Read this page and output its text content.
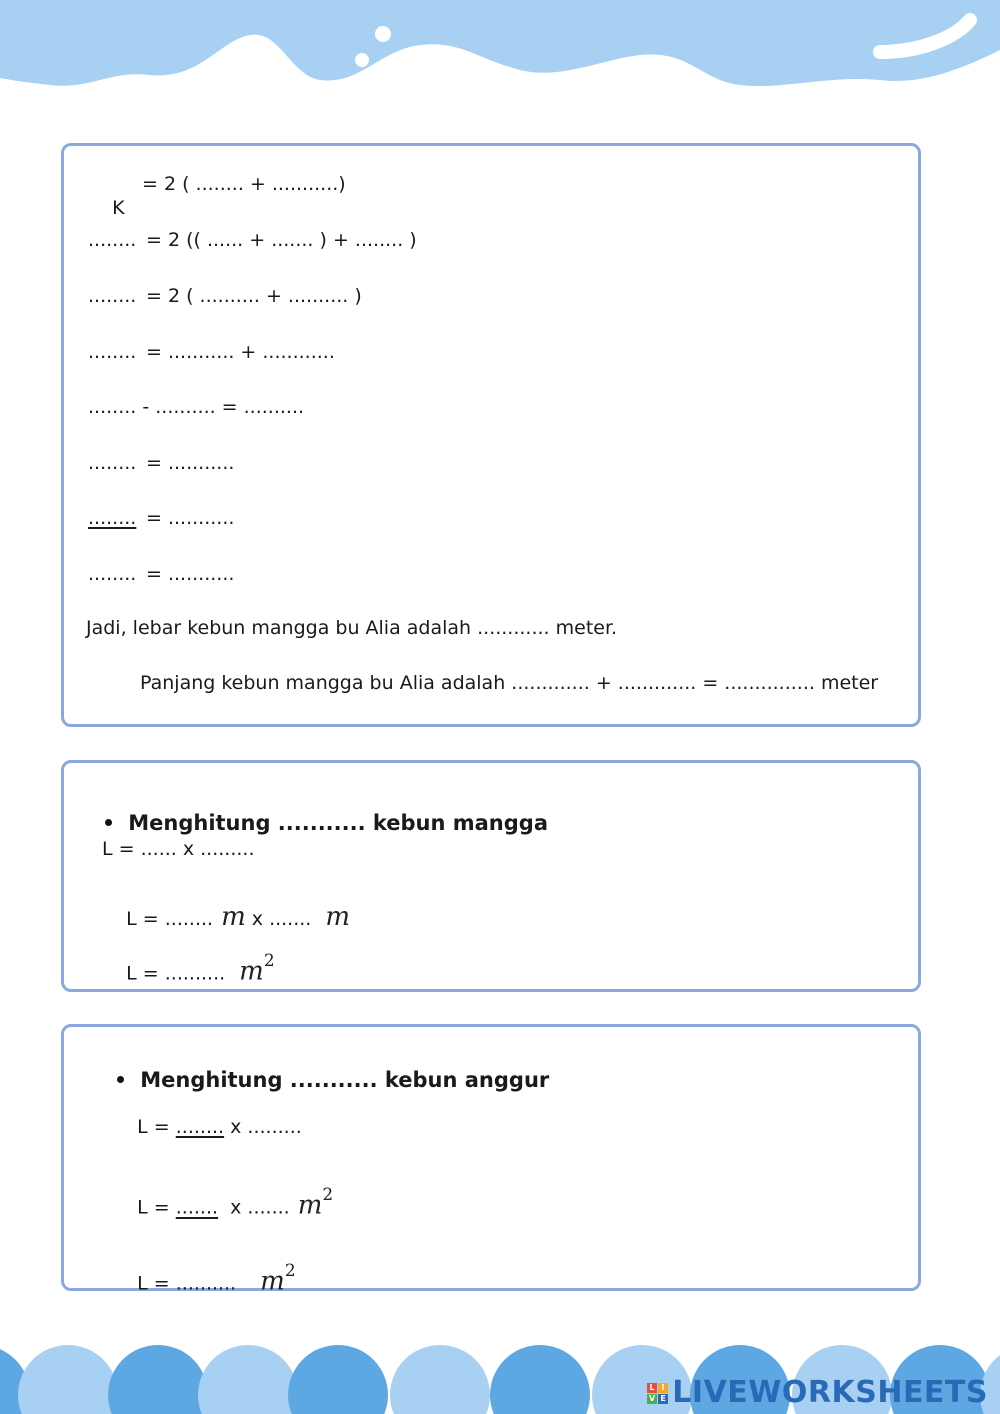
K

= 2 ( ........ + ...........)
........ = 2 (( ...... + ....... ) + ........ )
........ = 2 ( .......... + .......... )
........ = ........... + ............
........ - .......... = ..........
........ = ...........
........ = ...........
........ = ...........
Jadi, lebar kebun mangga bu Alia adalah ............ meter.
Panjang kebun mangga bu Alia adalah ............. + ............. = ............... meter

Menghitung ........... kebun mangga

L = ...... x .........

L = ........ m x ....... m

L = .......... $m^2$

Menghitung ........... kebun anggur

L = ........ x .........

L = ....... x ....... $m^2$

L = .......... $m^2$

L I
V E LIVEWORKSHEETS
